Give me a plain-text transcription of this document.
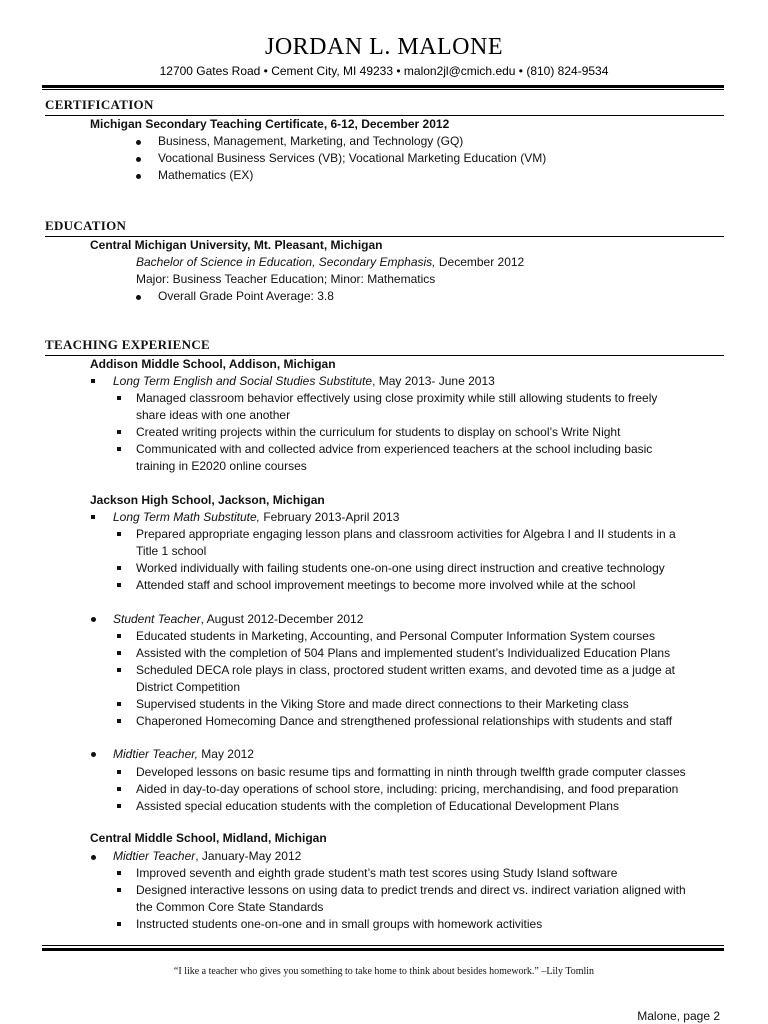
JORDAN L. MALONE
12700 Gates Road • Cement City, MI 49233 • malon2jl@cmich.edu • (810) 824-9534
CERTIFICATION
Michigan Secondary Teaching Certificate, 6-12, December 2012
Business, Management, Marketing, and Technology (GQ)
Vocational Business Services (VB); Vocational Marketing Education (VM)
Mathematics (EX)
EDUCATION
Central Michigan University, Mt. Pleasant, Michigan
Bachelor of Science in Education, Secondary Emphasis, December 2012
Major: Business Teacher Education; Minor: Mathematics
Overall Grade Point Average: 3.8
TEACHING EXPERIENCE
Addison Middle School, Addison, Michigan
Long Term English and Social Studies Substitute, May 2013- June 2013
Managed classroom behavior effectively using close proximity while still allowing students to freely
share ideas with one another
Created writing projects within the curriculum for students to display on school’s Write Night
Communicated with and collected advice from experienced teachers at the school including basic
training in E2020 online courses
Jackson High School, Jackson, Michigan
Long Term Math Substitute, February 2013-April 2013
Prepared appropriate engaging lesson plans and classroom activities for Algebra I and II students in a
Title 1 school
Worked individually with failing students one-on-one using direct instruction and creative technology
Attended staff and school improvement meetings to become more involved while at the school
Student Teacher, August 2012-December 2012
Educated students in Marketing, Accounting, and Personal Computer Information System courses
Assisted with the completion of 504 Plans and implemented student’s Individualized Education Plans
Scheduled DECA role plays in class, proctored student written exams, and devoted time as a judge at
District Competition
Supervised students in the Viking Store and made direct connections to their Marketing class
Chaperoned Homecoming Dance and strengthened professional relationships with students and staff
Midtier Teacher, May 2012
Developed lessons on basic resume tips and formatting in ninth through twelfth grade computer classes
Aided in day-to-day operations of school store, including: pricing, merchandising, and food preparation
Assisted special education students with the completion of Educational Development Plans
Central Middle School, Midland, Michigan
Midtier Teacher, January-May 2012
Improved seventh and eighth grade student’s math test scores using Study Island software
Designed interactive lessons on using data to predict trends and direct vs. indirect variation aligned with
the Common Core State Standards
Instructed students one-on-one and in small groups with homework activities
“I like a teacher who gives you something to take home to think about besides homework.” –Lily Tomlin
Malone, page 2
